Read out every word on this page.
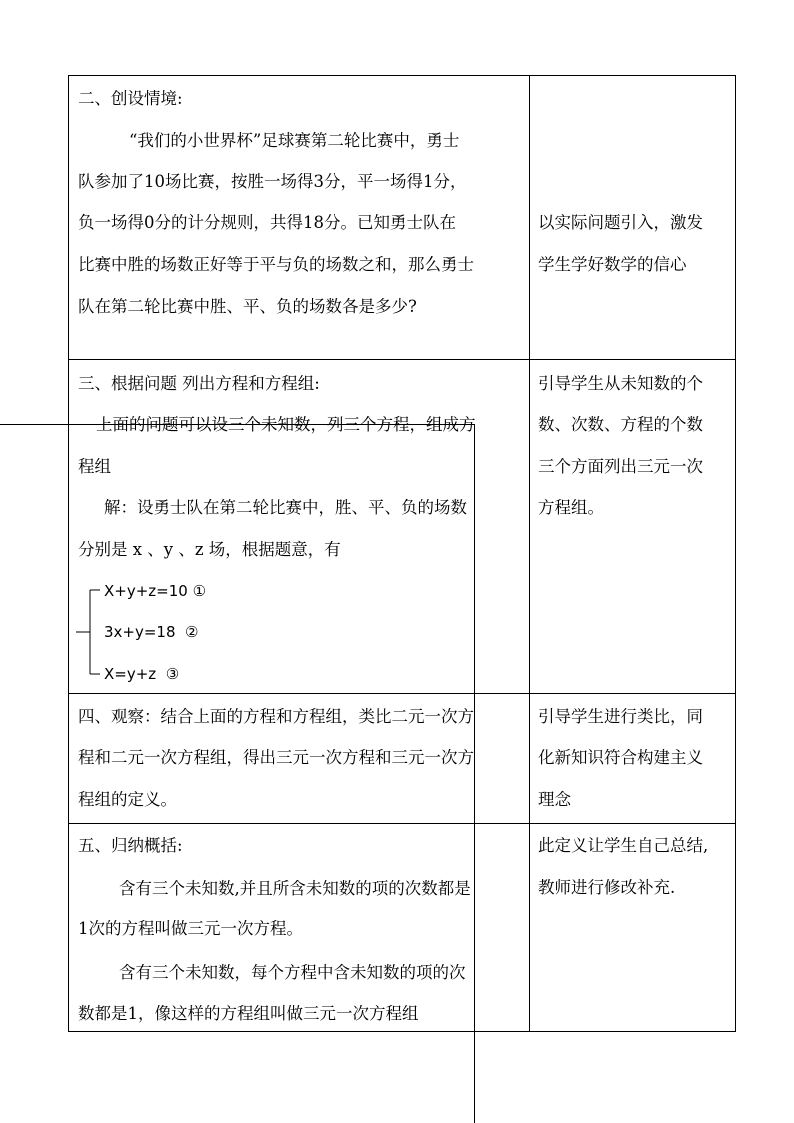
二、创设情境:
“我们的小世界杯”足球赛第二轮比赛中，勇士
队参加了10场比赛，按胜一场得3分，平一场得1分，
负一场得0分的计分规则，共得18分。已知勇士队在
比赛中胜的场数正好等于平与负的场数之和，那么勇士
队在第二轮比赛中胜、平、负的场数各是多少?
以实际问题引入，激发
学生学好数学的信心
三、根据问题 列出方程和方程组:
上面的问题可以设三个未知数，列三个方程，组成方
程组
解：设勇士队在第二轮比赛中，胜、平、负的场数
分别是 x 、y 、z 场，根据题意，有
X+y+z=10 ①
3x+y=18  ②
X=y+z  ③
引导学生从未知数的个
数、次数、方程的个数
三个方面列出三元一次
方程组。
四、观察：结合上面的方程和方程组，类比二元一次方
程和二元一次方程组，得出三元一次方程和三元一次方
程组的定义。
引导学生进行类比，同
化新知识符合构建主义
理念
五、归纳概括:
含有三个未知数,并且所含未知数的项的次数都是
1次的方程叫做三元一次方程。
含有三个未知数，每个方程中含未知数的项的次
数都是1，像这样的方程组叫做三元一次方程组
此定义让学生自己总结,
教师进行修改补充.
